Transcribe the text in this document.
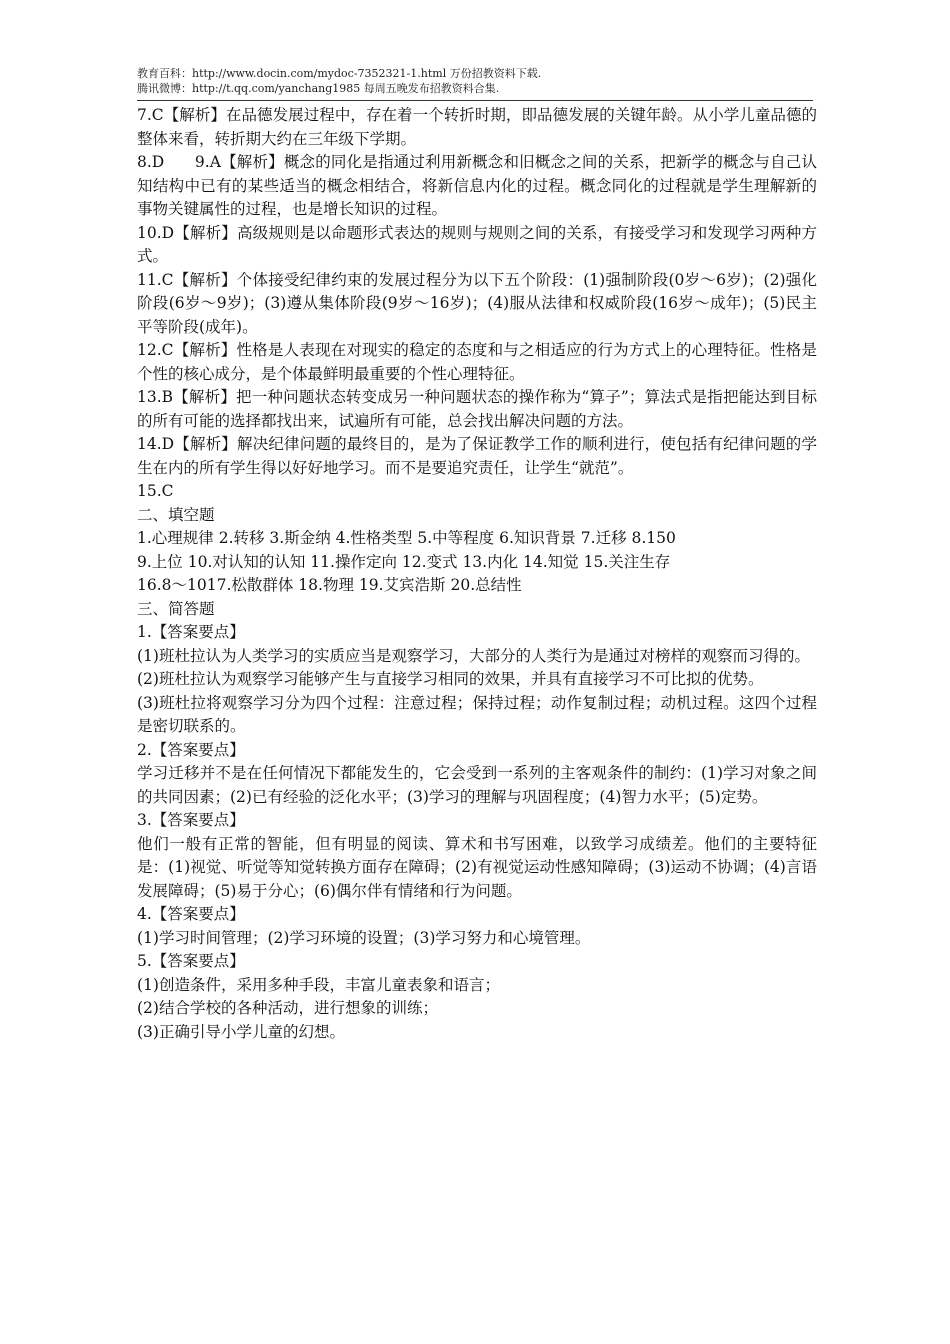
教育百科：http://www.docin.com/mydoc-7352321-1.html 万份招教资料下载.
腾讯微博：http://t.qq.com/yanchang1985 每周五晚发布招教资料合集.

7.C【解析】在品德发展过程中，存在着一个转折时期，即品德发展的关键年龄。从小学儿童品德的整体来看，转折期大约在三年级下学期。

8.D      9.A【解析】概念的同化是指通过利用新概念和旧概念之间的关系，把新学的概念与自己认知结构中已有的某些适当的概念相结合，将新信息内化的过程。概念同化的过程就是学生理解新的事物关键属性的过程，也是增长知识的过程。

10.D【解析】高级规则是以命题形式表达的规则与规则之间的关系，有接受学习和发现学习两种方式。

11.C【解析】个体接受纪律约束的发展过程分为以下五个阶段：(1)强制阶段(0岁～6岁)；(2)强化阶段(6岁～9岁)；(3)遵从集体阶段(9岁～16岁)；(4)服从法律和权威阶段(16岁～成年)；(5)民主平等阶段(成年)。

12.C【解析】性格是人表现在对现实的稳定的态度和与之相适应的行为方式上的心理特征。性格是个性的核心成分，是个体最鲜明最重要的个性心理特征。

13.B【解析】把一种问题状态转变成另一种问题状态的操作称为“算子”；算法式是指把能达到目标的所有可能的选择都找出来，试遍所有可能，总会找出解决问题的方法。

14.D【解析】解决纪律问题的最终目的，是为了保证教学工作的顺利进行，使包括有纪律问题的学生在内的所有学生得以好好地学习。而不是要追究责任，让学生“就范”。

15.C

二、填空题

1.心理规律 2.转移 3.斯金纳 4.性格类型 5.中等程度 6.知识背景 7.迁移 8.150

9.上位 10.对认知的认知 11.操作定向 12.变式 13.内化 14.知觉 15.关注生存

16.8～1017.松散群体 18.物理 19.艾宾浩斯 20.总结性

三、简答题

1.【答案要点】

(1)班杜拉认为人类学习的实质应当是观察学习，大部分的人类行为是通过对榜样的观察而习得的。

(2)班杜拉认为观察学习能够产生与直接学习相同的效果，并具有直接学习不可比拟的优势。

(3)班杜拉将观察学习分为四个过程：注意过程；保持过程；动作复制过程；动机过程。这四个过程是密切联系的。

2.【答案要点】

学习迁移并不是在任何情况下都能发生的，它会受到一系列的主客观条件的制约：(1)学习对象之间的共同因素；(2)已有经验的泛化水平；(3)学习的理解与巩固程度；(4)智力水平；(5)定势。

3.【答案要点】

他们一般有正常的智能，但有明显的阅读、算术和书写困难，以致学习成绩差。他们的主要特征是：(1)视觉、听觉等知觉转换方面存在障碍；(2)有视觉运动性感知障碍；(3)运动不协调；(4)言语发展障碍；(5)易于分心；(6)偶尔伴有情绪和行为问题。

4.【答案要点】

(1)学习时间管理；(2)学习环境的设置；(3)学习努力和心境管理。

5.【答案要点】

(1)创造条件，采用多种手段，丰富儿童表象和语言；

(2)结合学校的各种活动，进行想象的训练；

(3)正确引导小学儿童的幻想。
